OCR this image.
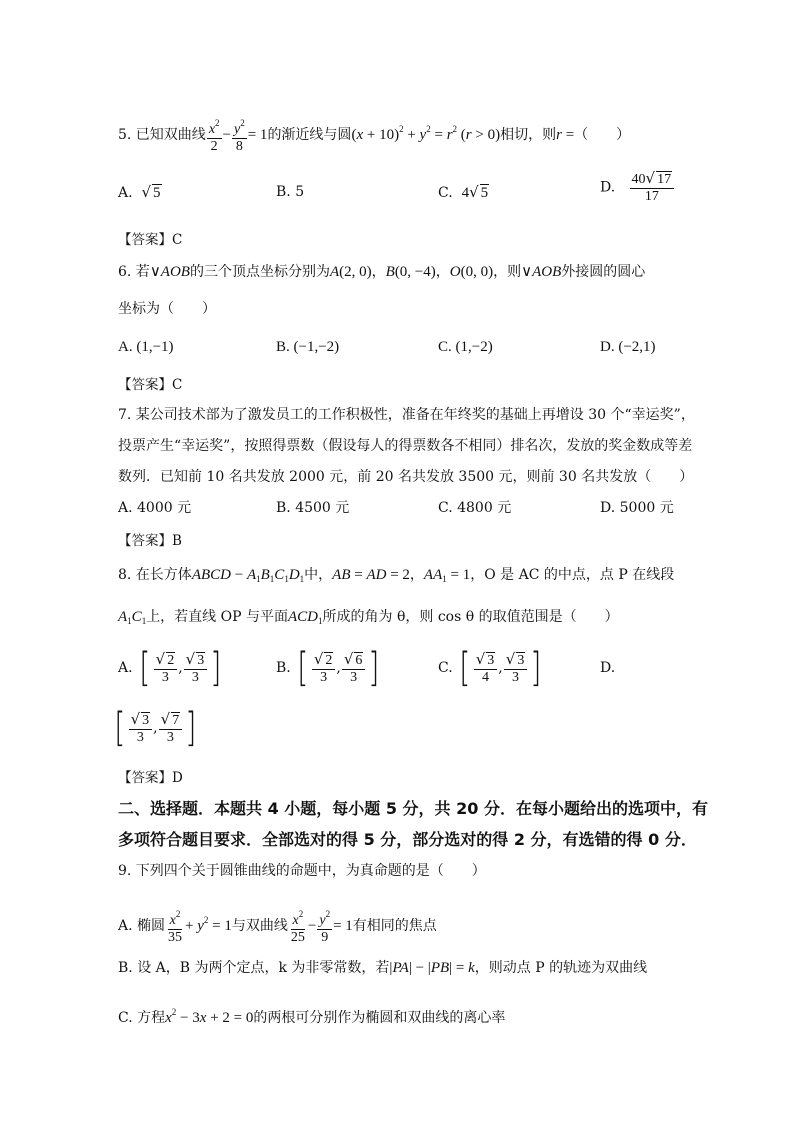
5. 已知双曲线 $\frac{x^2}{2} - \frac{y^2}{8} = 1$的渐近线与圆$(x + 10)^2 + y^2 = r^2$ (r > 0)相切，则r =（　　）
A. √ 5	B. 5	C. 4√ 5	D. $\frac{40√ 17}{17}$
【答案】C
6. 若∨AOB的三个顶点坐标分别为A(2, 0)，B(0, −4)，O(0, 0)，则∨AOB外接圆的圆心
坐标为（　　）
A. (1,−1)	B. (−1,−2)	C. (1,−2)	D. (−2,1)
【答案】C
7. 某公司技术部为了激发员工的工作积极性，准备在年终奖的基础上再增设 30 个“幸运奖”，
投票产生“幸运奖”，按照得票数（假设每人的得票数各不相同）排名次，发放的奖金数成等差
数列．已知前 10 名共发放 2000 元，前 20 名共发放 3500 元，则前 30 名共发放（　　）
A. 4000 元	B. 4500 元	C. 4800 元	D. 5000 元
【答案】B
8. 在长方体ABCD − $A_1B_1C_1D_1$中，AB = AD = 2，$AA_1 = 1$，O 是 AC 的中点，点 P 在线段
$A_1C_1$上，若直线 OP 与平面$ACD_1$所成的角为 θ，则 cos θ 的取值范围是（　　）
A. [ $\frac{√ 2}{3}$ , $\frac{√ 3}{3}$ ]	B. [ $\frac{√ 2}{3}$ , $\frac{√ 6}{3}$ ]	C. [ $\frac{√ 3}{4}$ , $\frac{√ 3}{3}$ ]	D.
[ $\frac{√ 3}{3}$ , $\frac{√ 7}{3}$ ]
【答案】D
二、选择题．本题共 4 小题，每小题 5 分，共 20 分．在每小题给出的选项中，有
多项符合题目要求．全部选对的得 5 分，部分选对的得 2 分，有选错的得 0 分．
9. 下列四个关于圆锥曲线的命题中，为真命题的是（　　）
A. 椭圆 $\frac{x^2}{35} + y^2 = 1$与双曲线 $\frac{x^2}{25} - \frac{y^2}{9} = 1$有相同的焦点
B. 设 A，B 为两个定点，k 为非零常数，若|PA| − |PB| = k，则动点 P 的轨迹为双曲线
C. 方程$x^2 - 3x + 2 = 0$的两根可分别作为椭圆和双曲线的离心率
